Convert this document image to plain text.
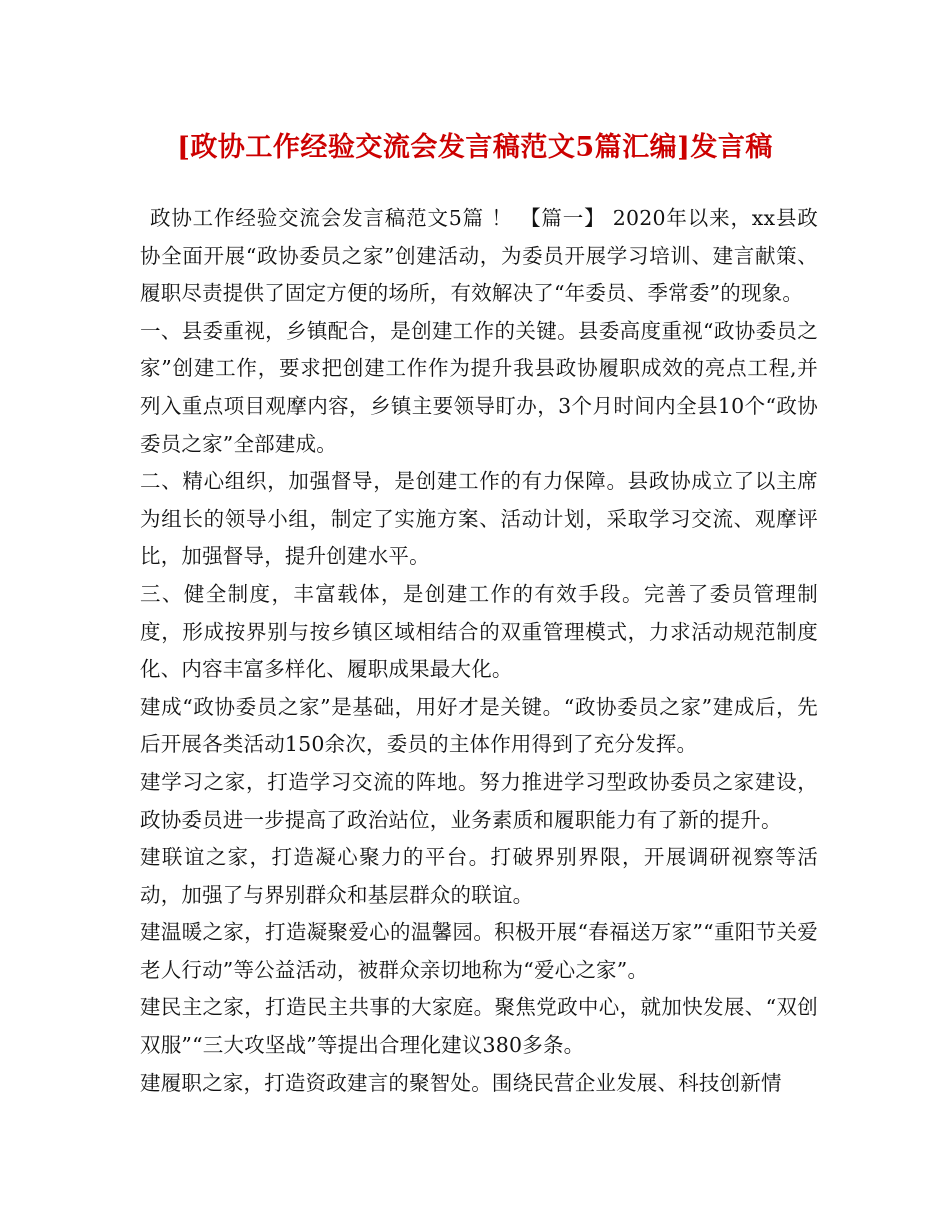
[政协工作经验交流会发言稿范文5篇汇编]发言稿

政协工作经验交流会发言稿范文5篇 ！ 【篇一】 2020年以来，xx县政协全面开展“政协委员之家”创建活动，为委员开展学习培训、建言献策、履职尽责提供了固定方便的场所，有效解决了“年委员、季常委”的现象。

一、县委重视，乡镇配合，是创建工作的关键。县委高度重视“政协委员之家”创建工作，要求把创建工作作为提升我县政协履职成效的亮点工程,并列入重点项目观摩内容，乡镇主要领导盯办，3个月时间内全县10个“政协委员之家”全部建成。

二、精心组织，加强督导，是创建工作的有力保障。县政协成立了以主席为组长的领导小组，制定了实施方案、活动计划，采取学习交流、观摩评比，加强督导，提升创建水平。

三、健全制度，丰富载体，是创建工作的有效手段。完善了委员管理制度，形成按界别与按乡镇区域相结合的双重管理模式，力求活动规范制度化、内容丰富多样化、履职成果最大化。

建成“政协委员之家”是基础，用好才是关键。“政协委员之家”建成后，先后开展各类活动150余次，委员的主体作用得到了充分发挥。

建学习之家，打造学习交流的阵地。努力推进学习型政协委员之家建设，政协委员进一步提高了政治站位，业务素质和履职能力有了新的提升。

建联谊之家，打造凝心聚力的平台。打破界别界限，开展调研视察等活动，加强了与界别群众和基层群众的联谊。

建温暖之家，打造凝聚爱心的温馨园。积极开展“春福送万家”“重阳节关爱老人行动”等公益活动，被群众亲切地称为“爱心之家”。

建民主之家，打造民主共事的大家庭。聚焦党政中心，就加快发展、“双创双服”“三大攻坚战”等提出合理化建议380多条。

建履职之家，打造资政建言的聚智处。围绕民营企业发展、科技创新情
